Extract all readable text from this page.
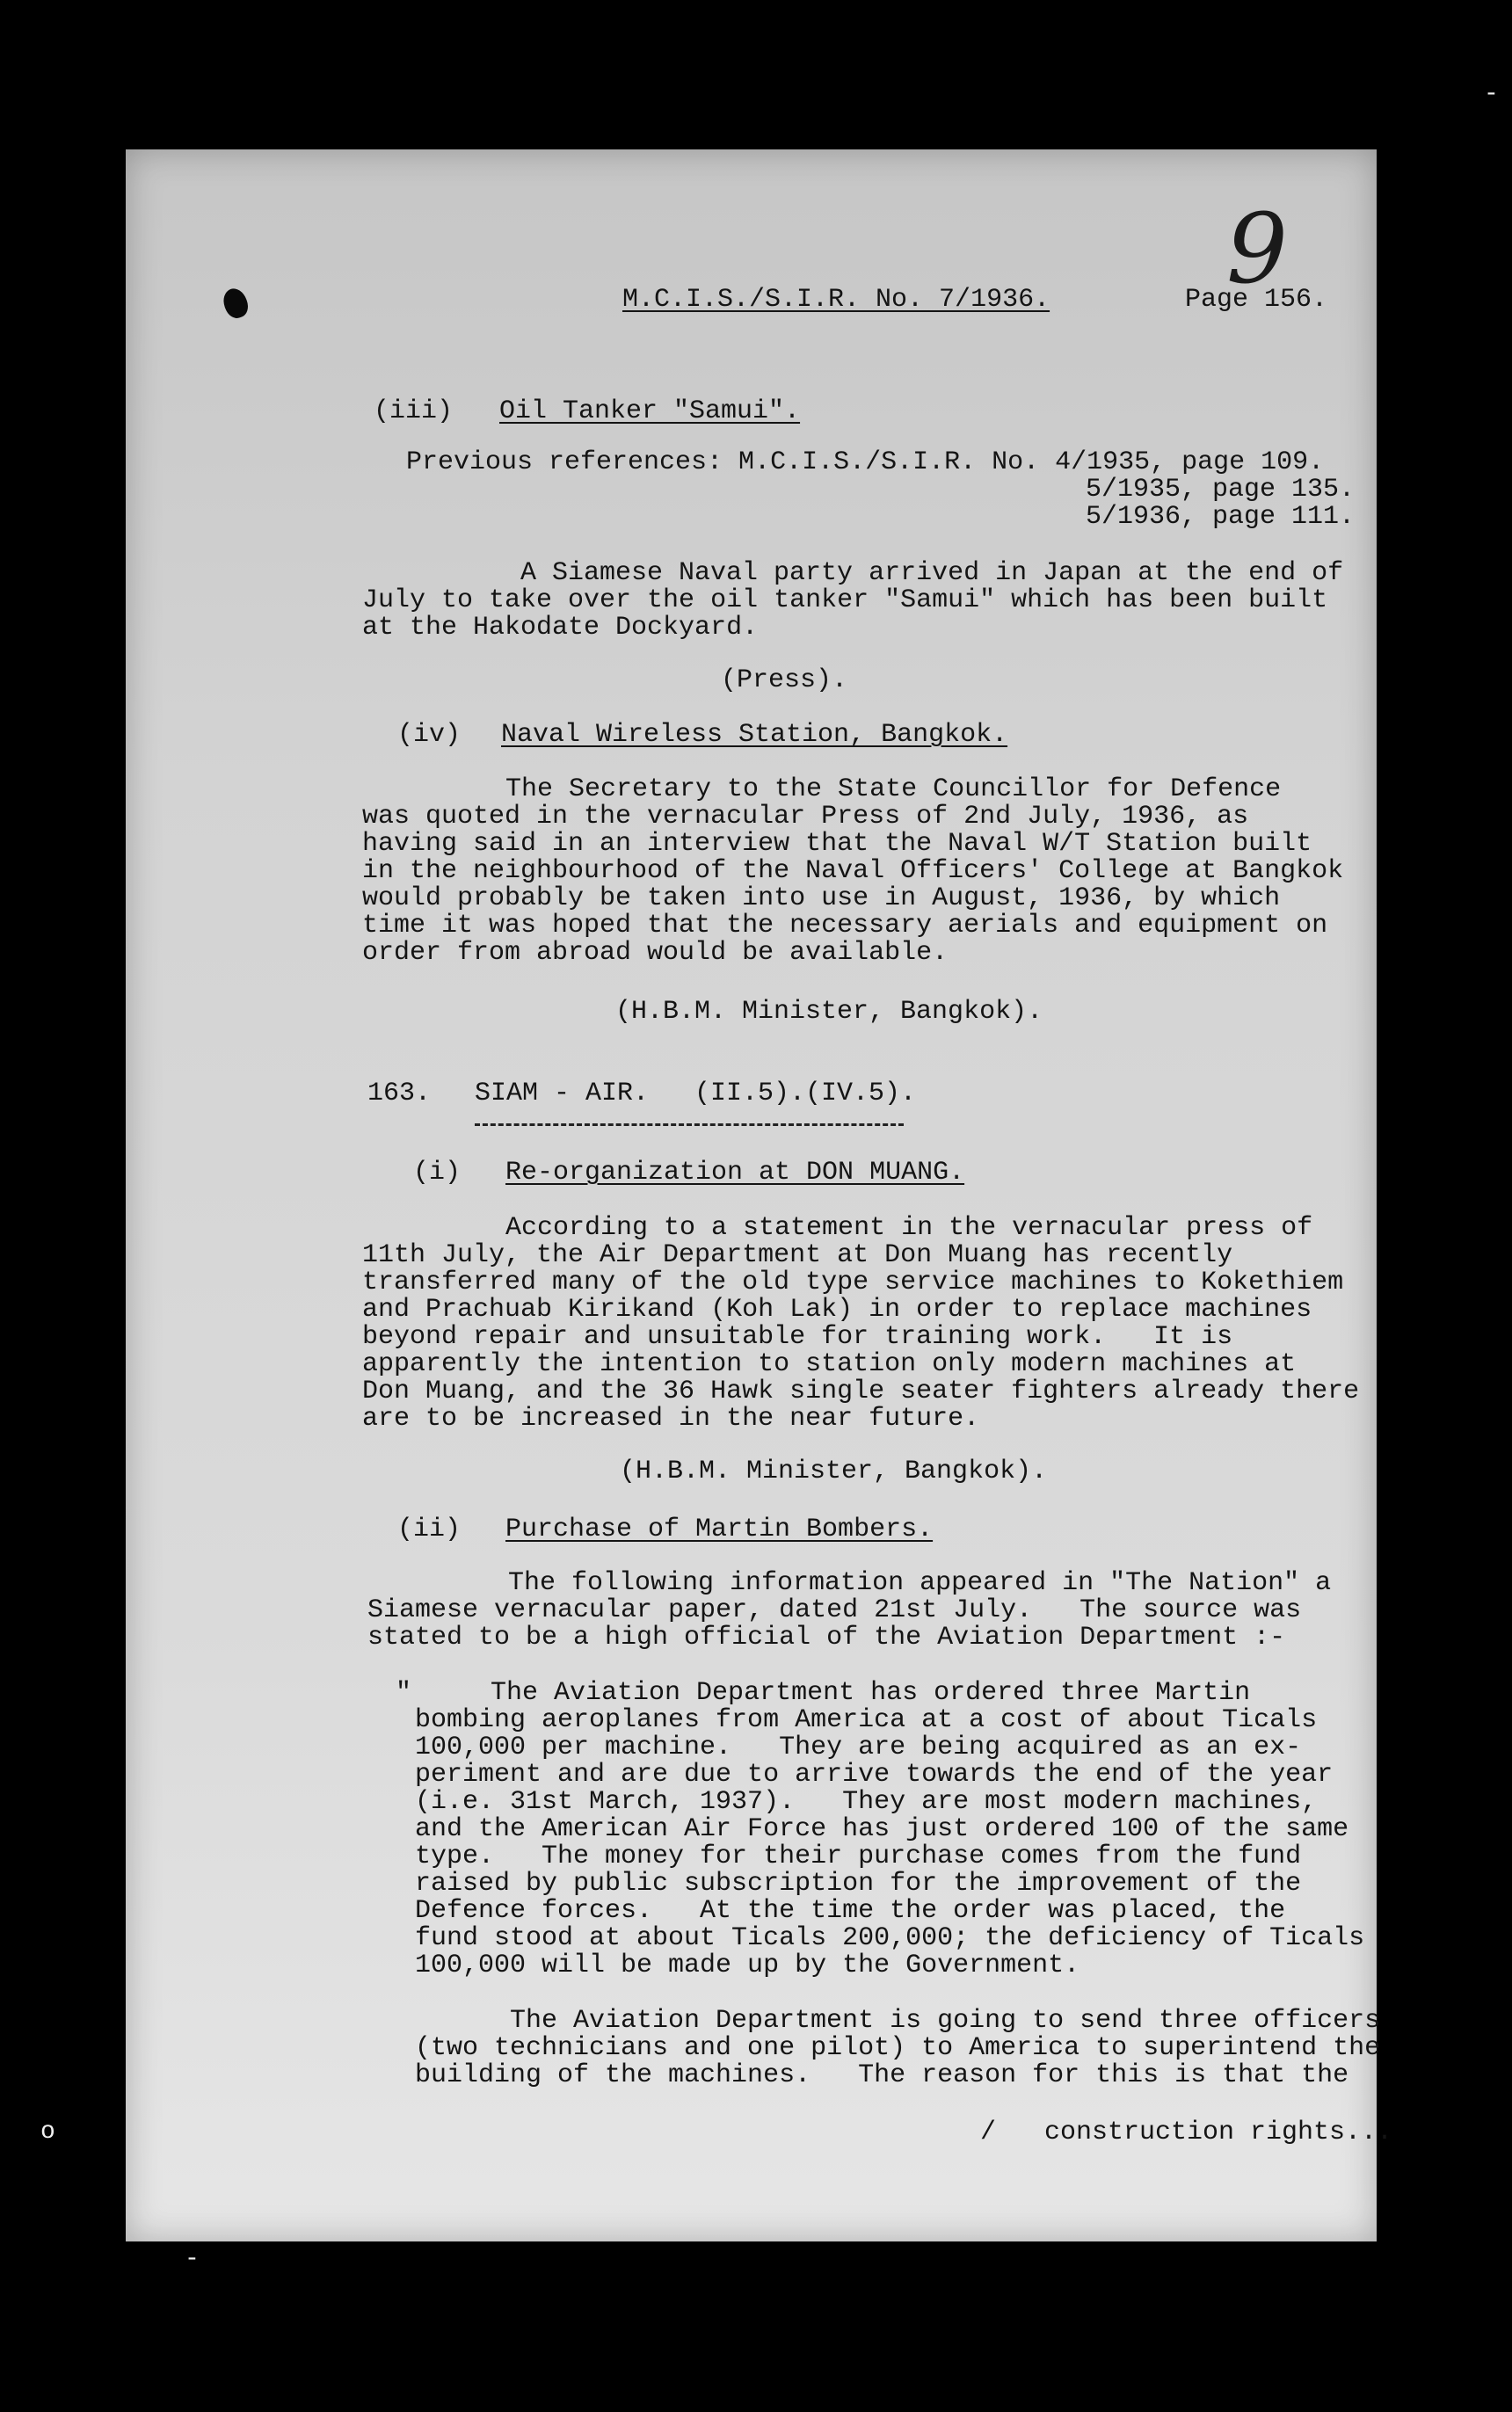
9
-
o
-
M.C.I.S./S.I.R. No. 7/1936.	Page 156.
(iii) Oil Tanker "Samui".
Previous references: M.C.I.S./S.I.R. No. 4/1935, page 109.
5/1935, page 135.
5/1936, page 111.
A Siamese Naval party arrived in Japan at the end of
July to take over the oil tanker "Samui" which has been built
at the Hakodate Dockyard.
(Press).
(iv) Naval Wireless Station, Bangkok.
The Secretary to the State Councillor for Defence
was quoted in the vernacular Press of 2nd July, 1936, as
having said in an interview that the Naval W/T Station built
in the neighbourhood of the Naval Officers' College at Bangkok
would probably be taken into use in August, 1936, by which
time it was hoped that the necessary aerials and equipment on
order from abroad would be available.
(H.B.M. Minister, Bangkok).
163. SIAM - AIR. (II.5).(IV.5).
(i) Re-organization at DON MUANG.
According to a statement in the vernacular press of
11th July, the Air Department at Don Muang has recently
transferred many of the old type service machines to Kokethiem
and Prachuab Kirikand (Koh Lak) in order to replace machines
beyond repair and unsuitable for training work.   It is
apparently the intention to station only modern machines at
Don Muang, and the 36 Hawk single seater fighters already there
are to be increased in the near future.
(H.B.M. Minister, Bangkok).
(ii) Purchase of Martin Bombers.
The following information appeared in "The Nation" a
Siamese vernacular paper, dated 21st July.   The source was
stated to be a high official of the Aviation Department :-
"     The Aviation Department has ordered three Martin
bombing aeroplanes from America at a cost of about Ticals
100,000 per machine.   They are being acquired as an ex-
periment and are due to arrive towards the end of the year
(i.e. 31st March, 1937).   They are most modern machines,
and the American Air Force has just ordered 100 of the same
type.   The money for their purchase comes from the fund
raised by public subscription for the improvement of the
Defence forces.   At the time the order was placed, the
fund stood at about Ticals 200,000; the deficiency of Ticals
100,000 will be made up by the Government.
The Aviation Department is going to send three officers
(two technicians and one pilot) to America to superintend the
building of the machines.   The reason for this is that the
/ construction rights...
